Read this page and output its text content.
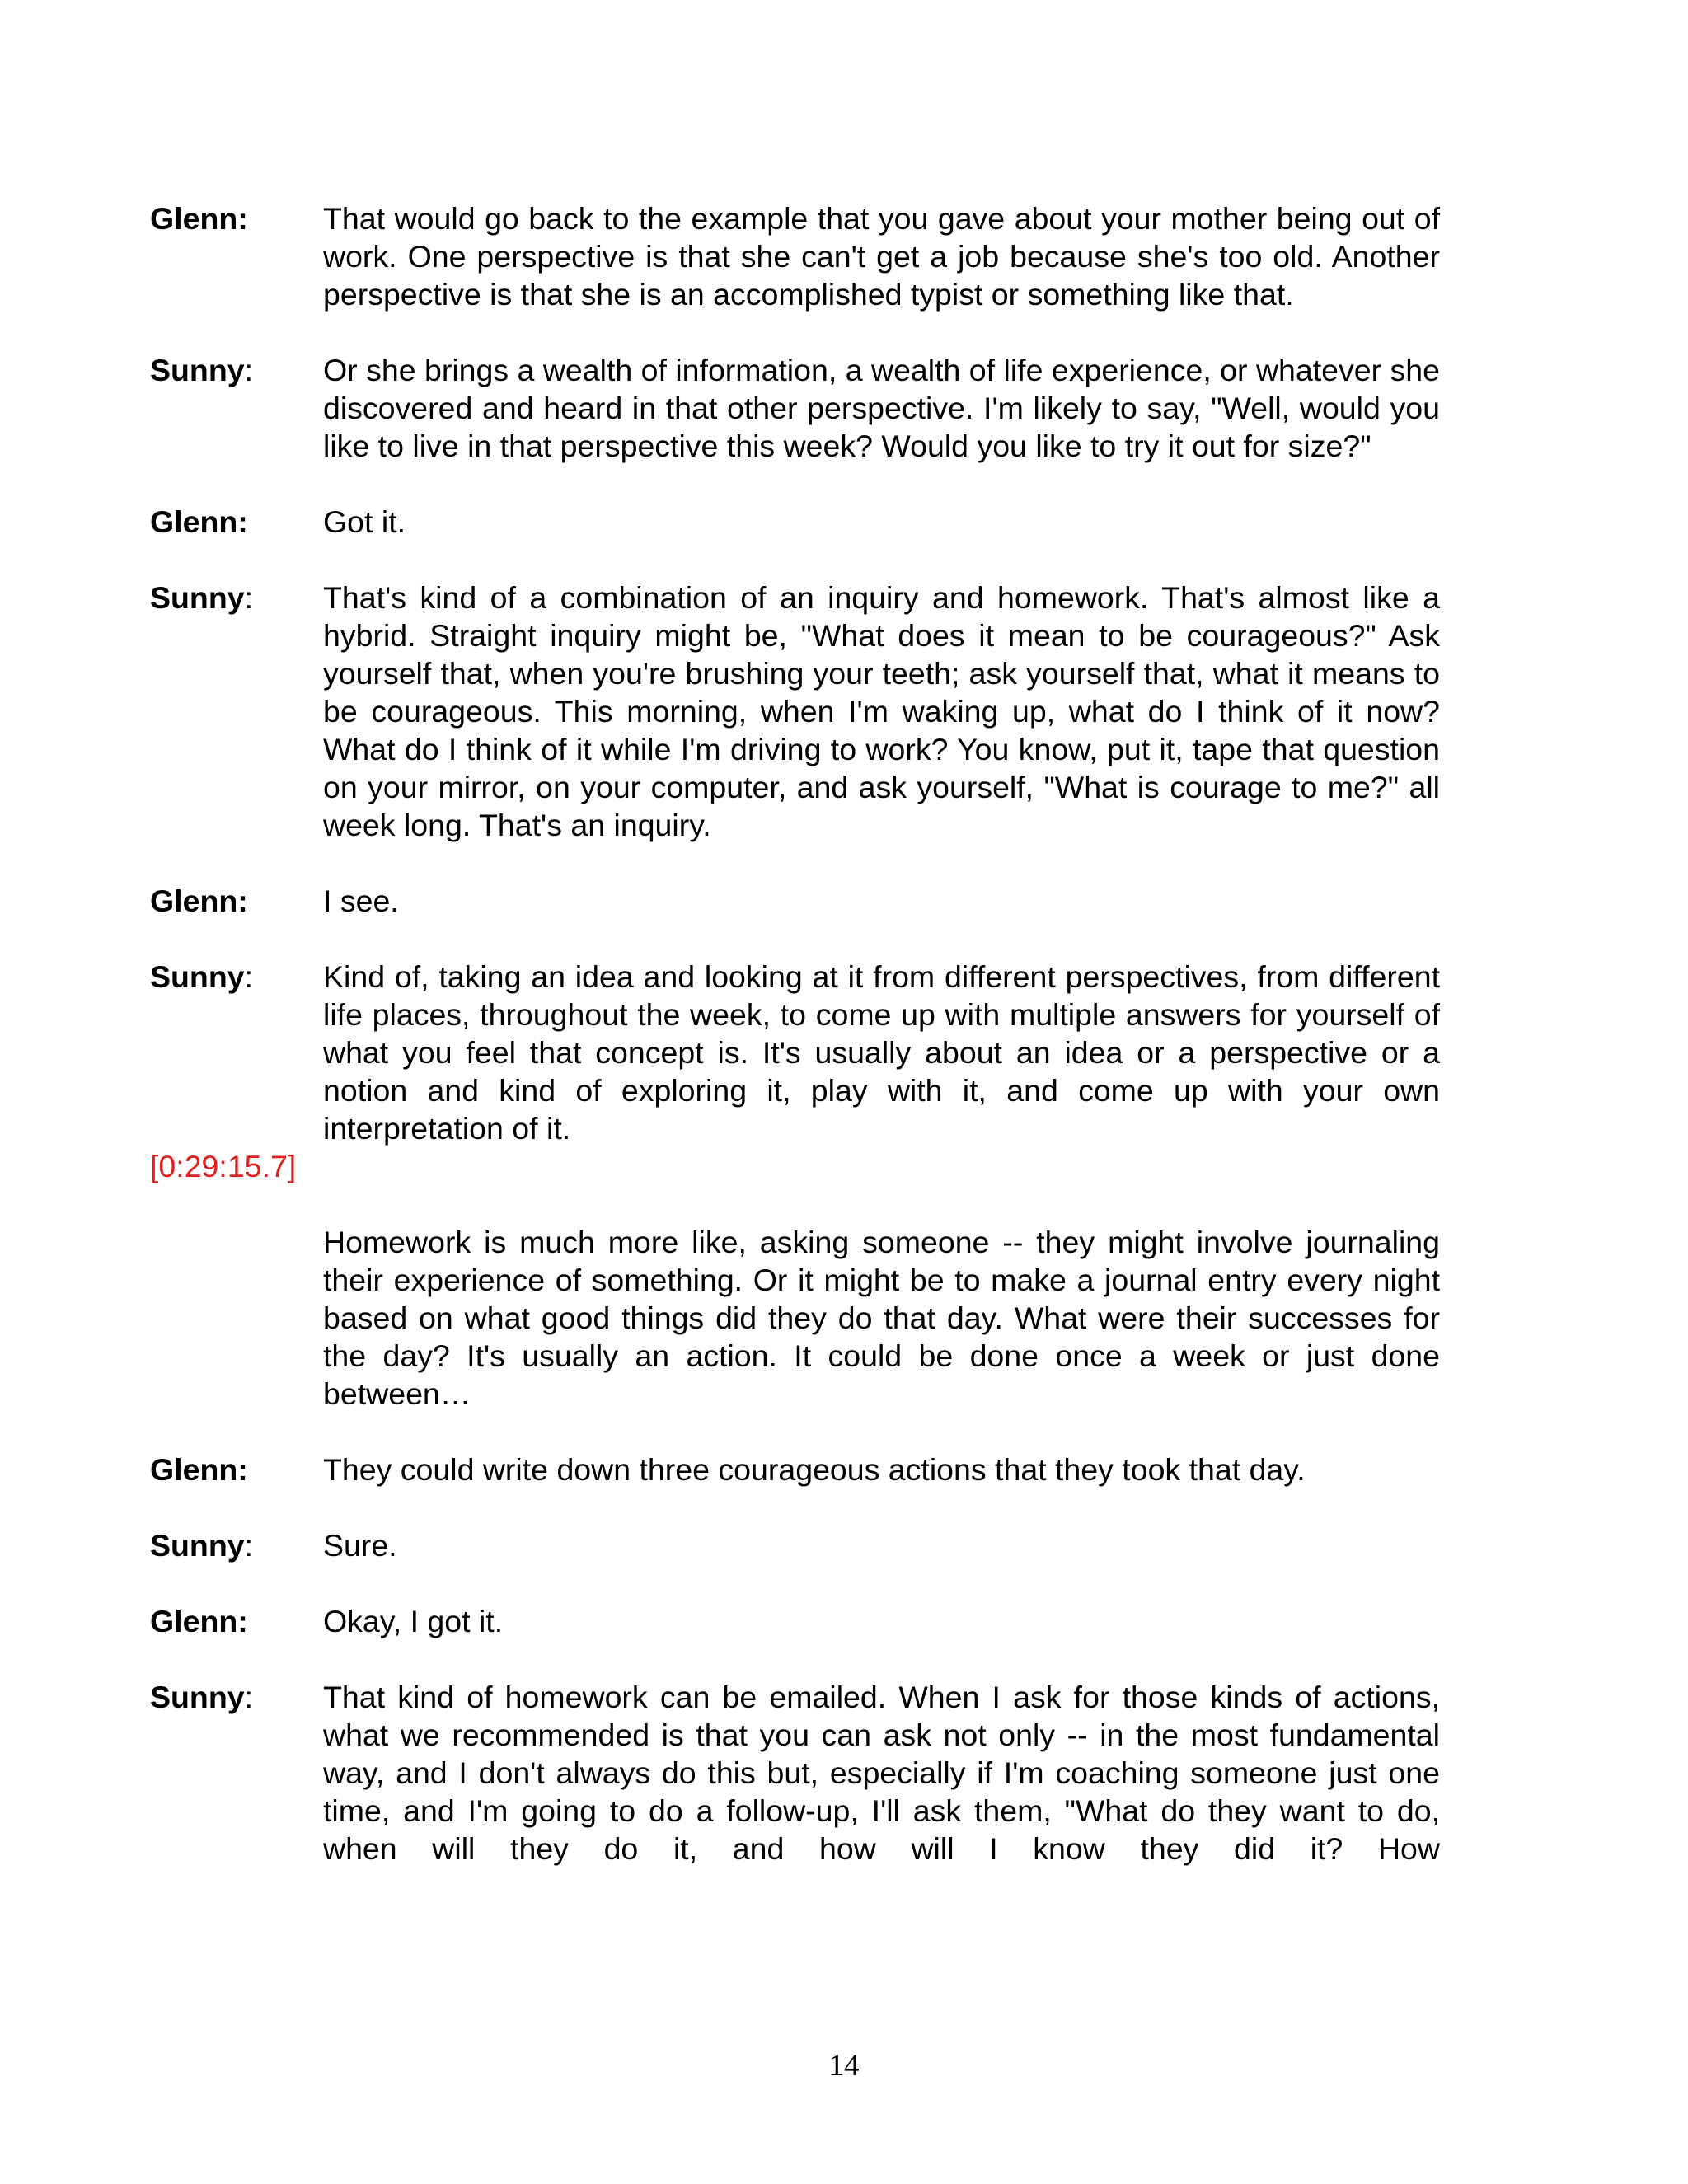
Glenn:	That would go back to the example that you gave about your mother being out of work. One perspective is that she can't get a job because she's too old. Another perspective is that she is an accomplished typist or something like that.
Sunny:	Or she brings a wealth of information, a wealth of life experience, or whatever she discovered and heard in that other perspective. I'm likely to say, "Well, would you like to live in that perspective this week? Would you like to try it out for size?"
Glenn:	Got it.
Sunny:	That's kind of a combination of an inquiry and homework. That's almost like a hybrid. Straight inquiry might be, "What does it mean to be courageous?" Ask yourself that, when you're brushing your teeth; ask yourself that, what it means to be courageous. This morning, when I'm waking up, what do I think of it now? What do I think of it while I'm driving to work? You know, put it, tape that question on your mirror, on your computer, and ask yourself, "What is courage to me?" all week long. That's an inquiry.
Glenn:	I see.
Sunny:	Kind of, taking an idea and looking at it from different perspectives, from different life places, throughout the week, to come up with multiple answers for yourself of what you feel that concept is. It's usually about an idea or a perspective or a notion and kind of exploring it, play with it, and come up with your own interpretation of it.
[0:29:15.7]
Homework is much more like, asking someone -- they might involve journaling their experience of something. Or it might be to make a journal entry every night based on what good things did they do that day. What were their successes for the day? It's usually an action. It could be done once a week or just done between…
Glenn:	They could write down three courageous actions that they took that day.
Sunny:	Sure.
Glenn:	Okay, I got it.
Sunny:	That kind of homework can be emailed. When I ask for those kinds of actions, what we recommended is that you can ask not only -- in the most fundamental way, and I don't always do this but, especially if I'm coaching someone just one time, and I'm going to do a follow-up, I'll ask them, "What do they want to do, when will they do it, and how will I know they did it? How
14
